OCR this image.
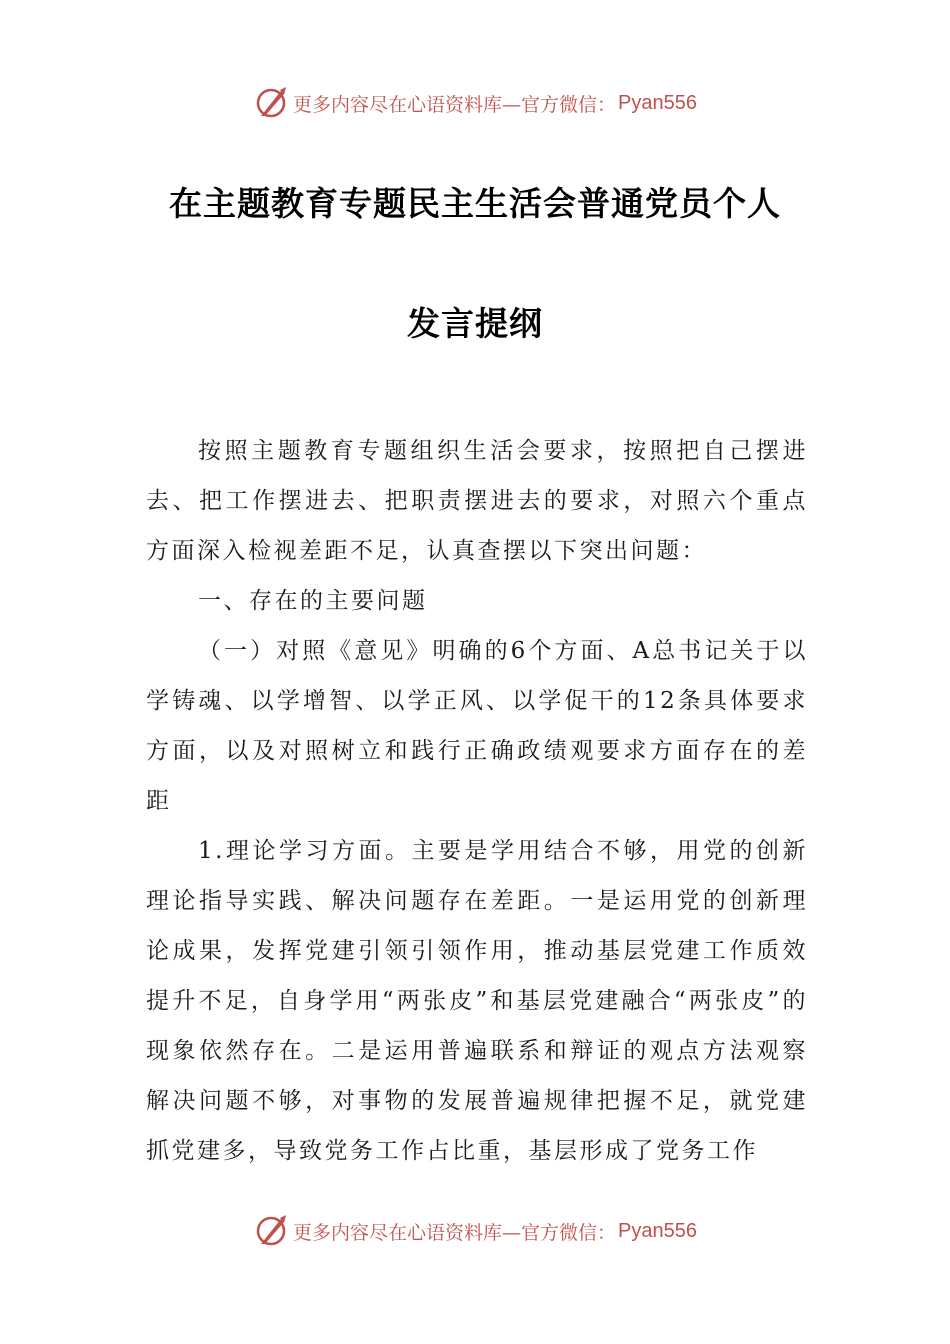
更多内容尽在心语资料库—官方微信： Pyan556
在主题教育专题民主生活会普通党员个人
发言提纲

按照主题教育专题组织生活会要求，按照把自己摆进去、把工作摆进去、把职责摆进去的要求，对照六个重点方面深入检视差距不足，认真查摆以下突出问题：

一、存在的主要问题

（一）对照《意见》明确的6个方面、A总书记关于以学铸魂、以学增智、以学正风、以学促干的12条具体要求方面，以及对照树立和践行正确政绩观要求方面存在的差距

1.理论学习方面。主要是学用结合不够，用党的创新理论指导实践、解决问题存在差距。一是运用党的创新理论成果，发挥党建引领引领作用，推动基层党建工作质效提升不足，自身学用“两张皮”和基层党建融合“两张皮”的现象依然存在。二是运用普遍联系和辩证的观点方法观察解决问题不够，对事物的发展普遍规律把握不足，就党建抓党建多，导致党务工作占比重，基层形成了党务工作

更多内容尽在心语资料库—官方微信： Pyan556
